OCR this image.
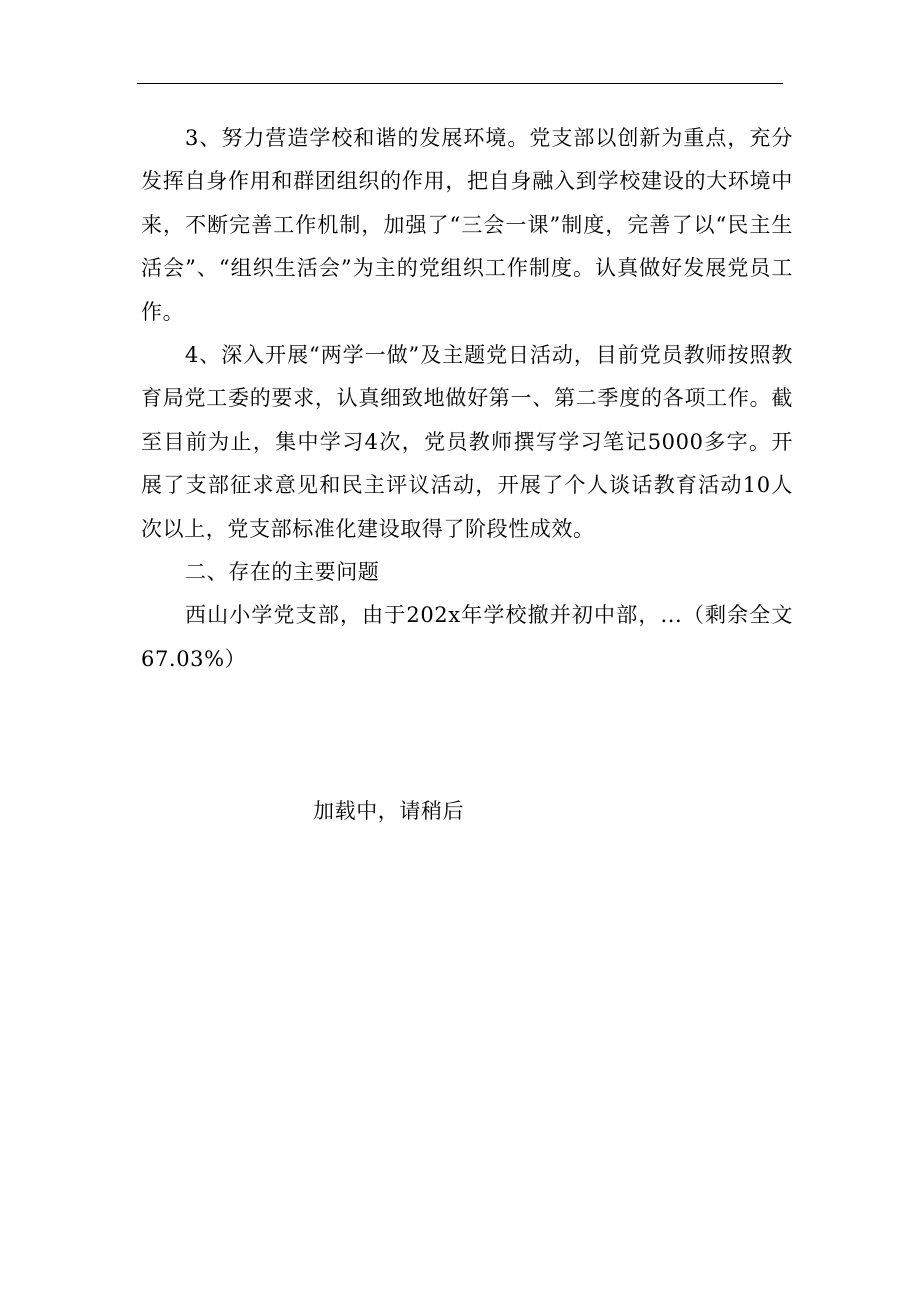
3、努力营造学校和谐的发展环境。党支部以创新为重点，充分发挥自身作用和群团组织的作用，把自身融入到学校建设的大环境中来，不断完善工作机制，加强了“三会一课”制度，完善了以“民主生活会”、“组织生活会”为主的党组织工作制度。认真做好发展党员工作。

4、深入开展“两学一做”及主题党日活动，目前党员教师按照教育局党工委的要求，认真细致地做好第一、第二季度的各项工作。截至目前为止，集中学习4次，党员教师撰写学习笔记5000多字。开展了支部征求意见和民主评议活动，开展了个人谈话教育活动10人次以上，党支部标准化建设取得了阶段性成效。

二、存在的主要问题

西山小学党支部，由于202x年学校撤并初中部，...（剩余全文67.03%）

加载中，请稍后
